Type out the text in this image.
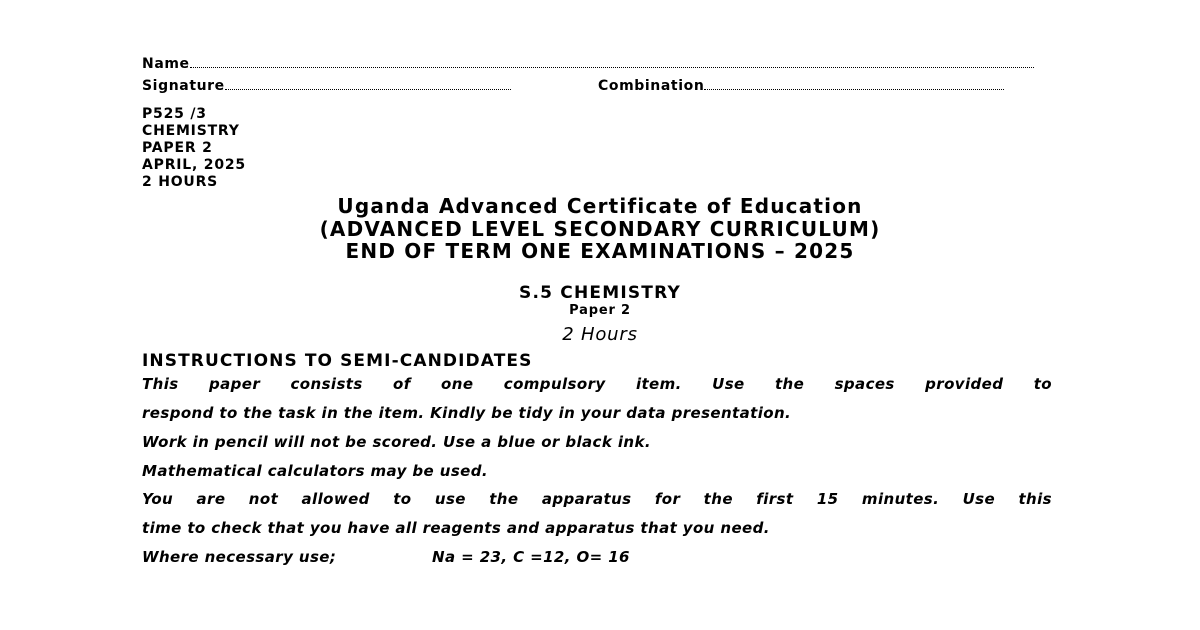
Name
Signature	Combination
P525 /3
CHEMISTRY
PAPER 2
APRIL, 2025
2 HOURS
Uganda Advanced Certificate of Education
(ADVANCED LEVEL SECONDARY CURRICULUM)
END OF TERM ONE EXAMINATIONS – 2025
S.5 CHEMISTRY
Paper 2
2 Hours
INSTRUCTIONS TO SEMI-CANDIDATES
This paper consists of one compulsory item. Use the spaces provided to
respond to the task in the item. Kindly be tidy in your data presentation.
Work in pencil will not be scored. Use a blue or black ink.
Mathematical calculators may be used.
You are not allowed to use the apparatus for the first 15 minutes. Use this
time to check that you have all reagents and apparatus that you need.
Where necessary use;	Na = 23, C =12, O= 16
